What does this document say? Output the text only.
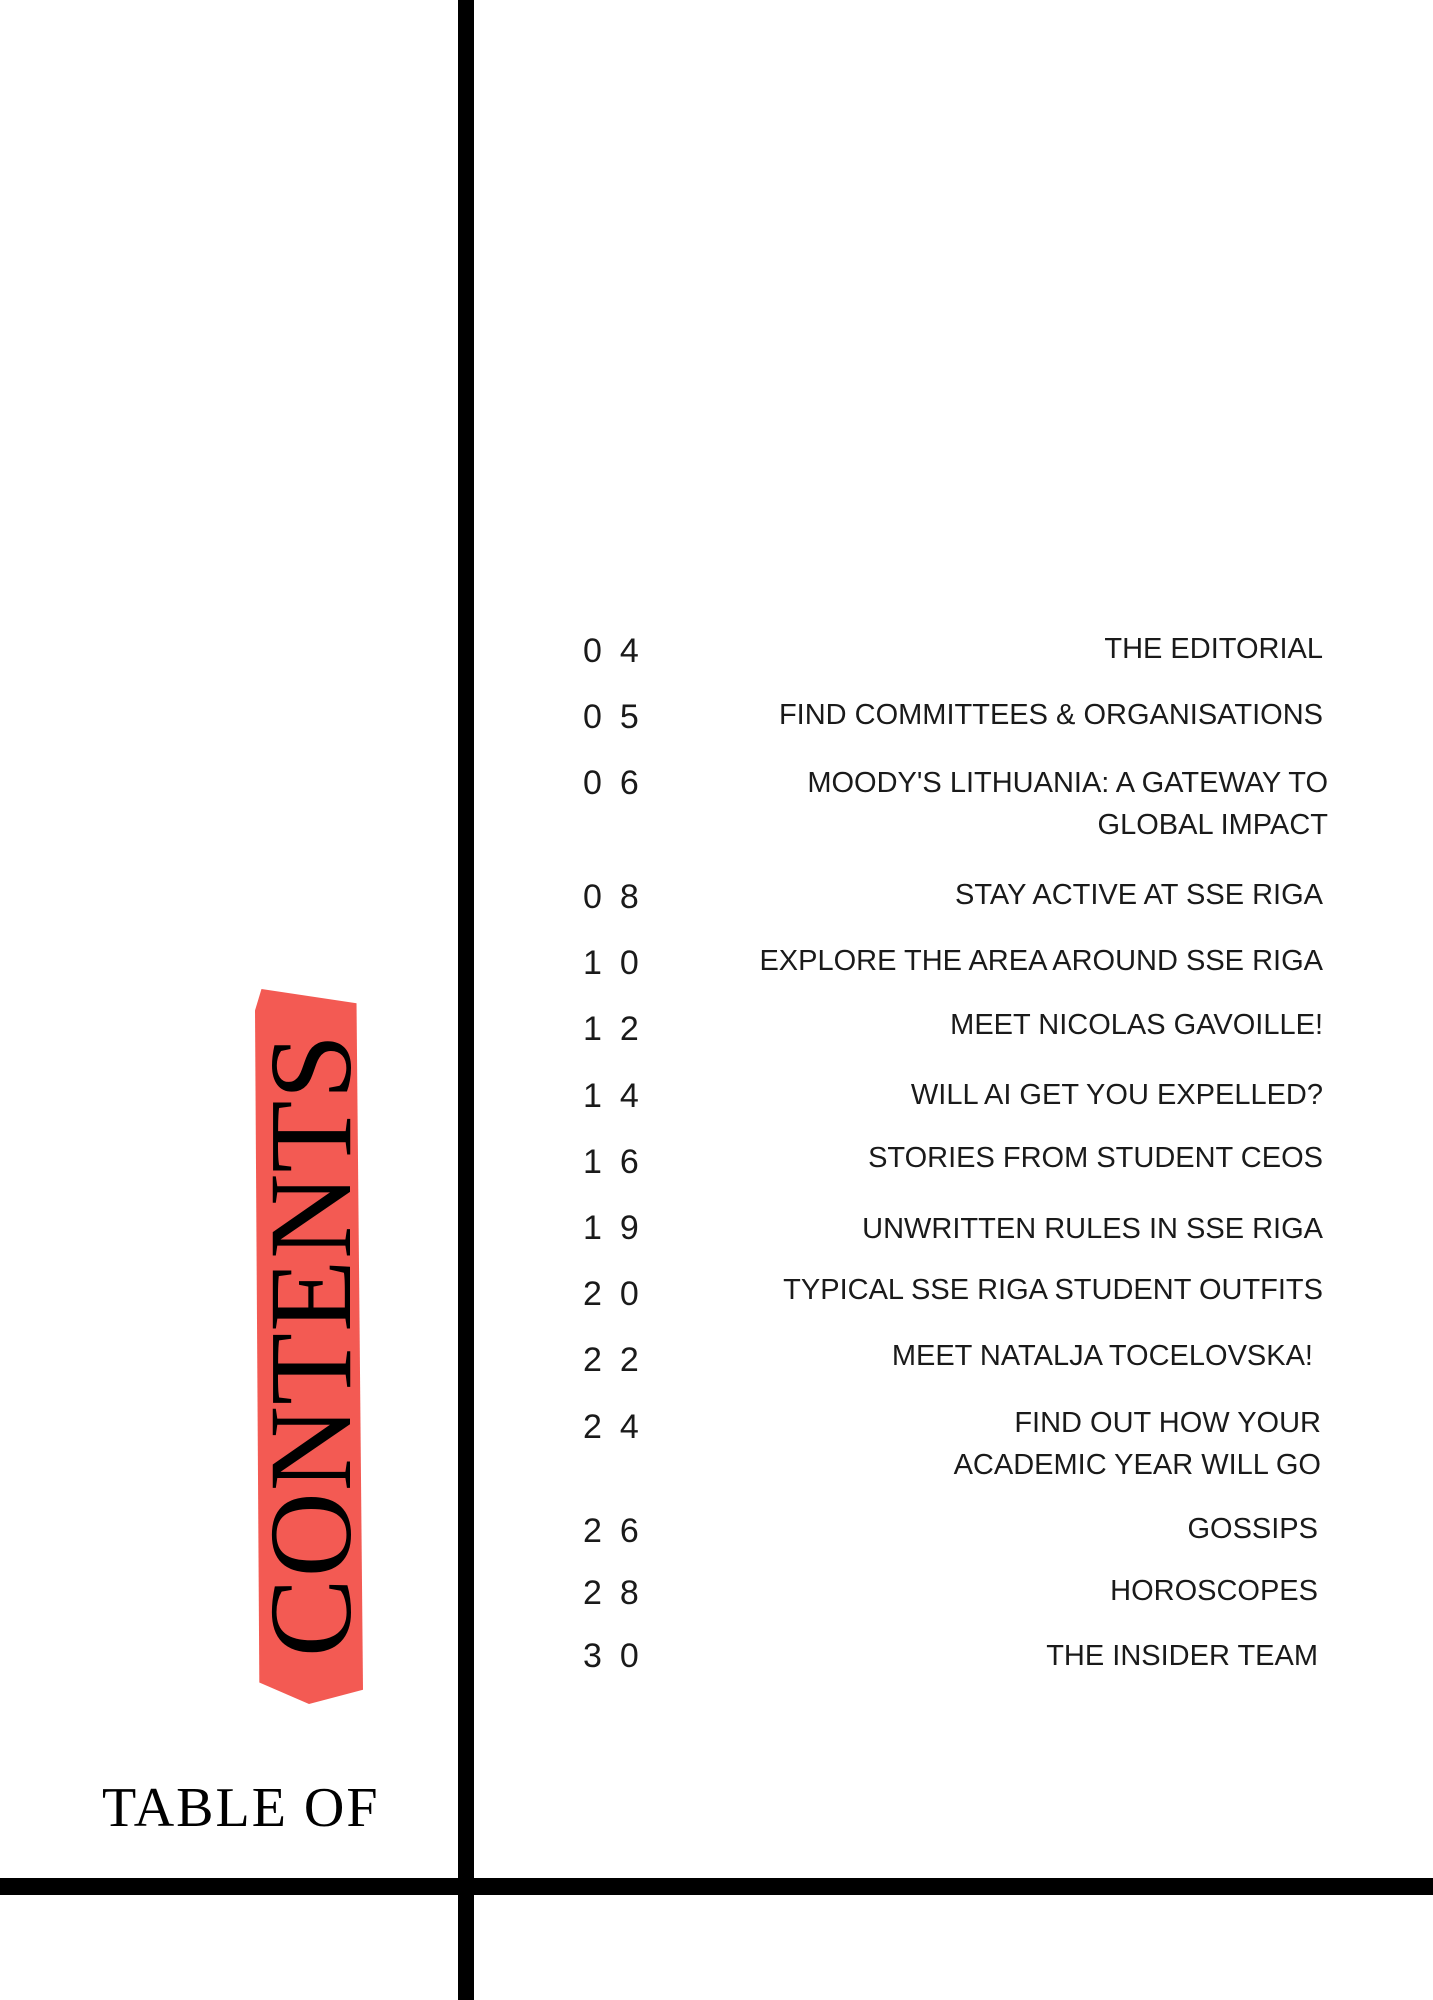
CONTENTS
TABLE OF
04	THE EDITORIAL
05	FIND COMMITTEES & ORGANISATIONS
06	MOODY'S LITHUANIA: A GATEWAY TO GLOBAL IMPACT
08	STAY ACTIVE AT SSE RIGA
10	EXPLORE THE AREA AROUND SSE RIGA
12	MEET NICOLAS GAVOILLE!
14	WILL AI GET YOU EXPELLED?
16	STORIES FROM STUDENT CEOS
19	UNWRITTEN RULES IN SSE RIGA
20	TYPICAL SSE RIGA STUDENT OUTFITS
22	MEET NATALJA TOCELOVSKA!
24	FIND OUT HOW YOUR ACADEMIC YEAR WILL GO
26	GOSSIPS
28	HOROSCOPES
30	THE INSIDER TEAM
